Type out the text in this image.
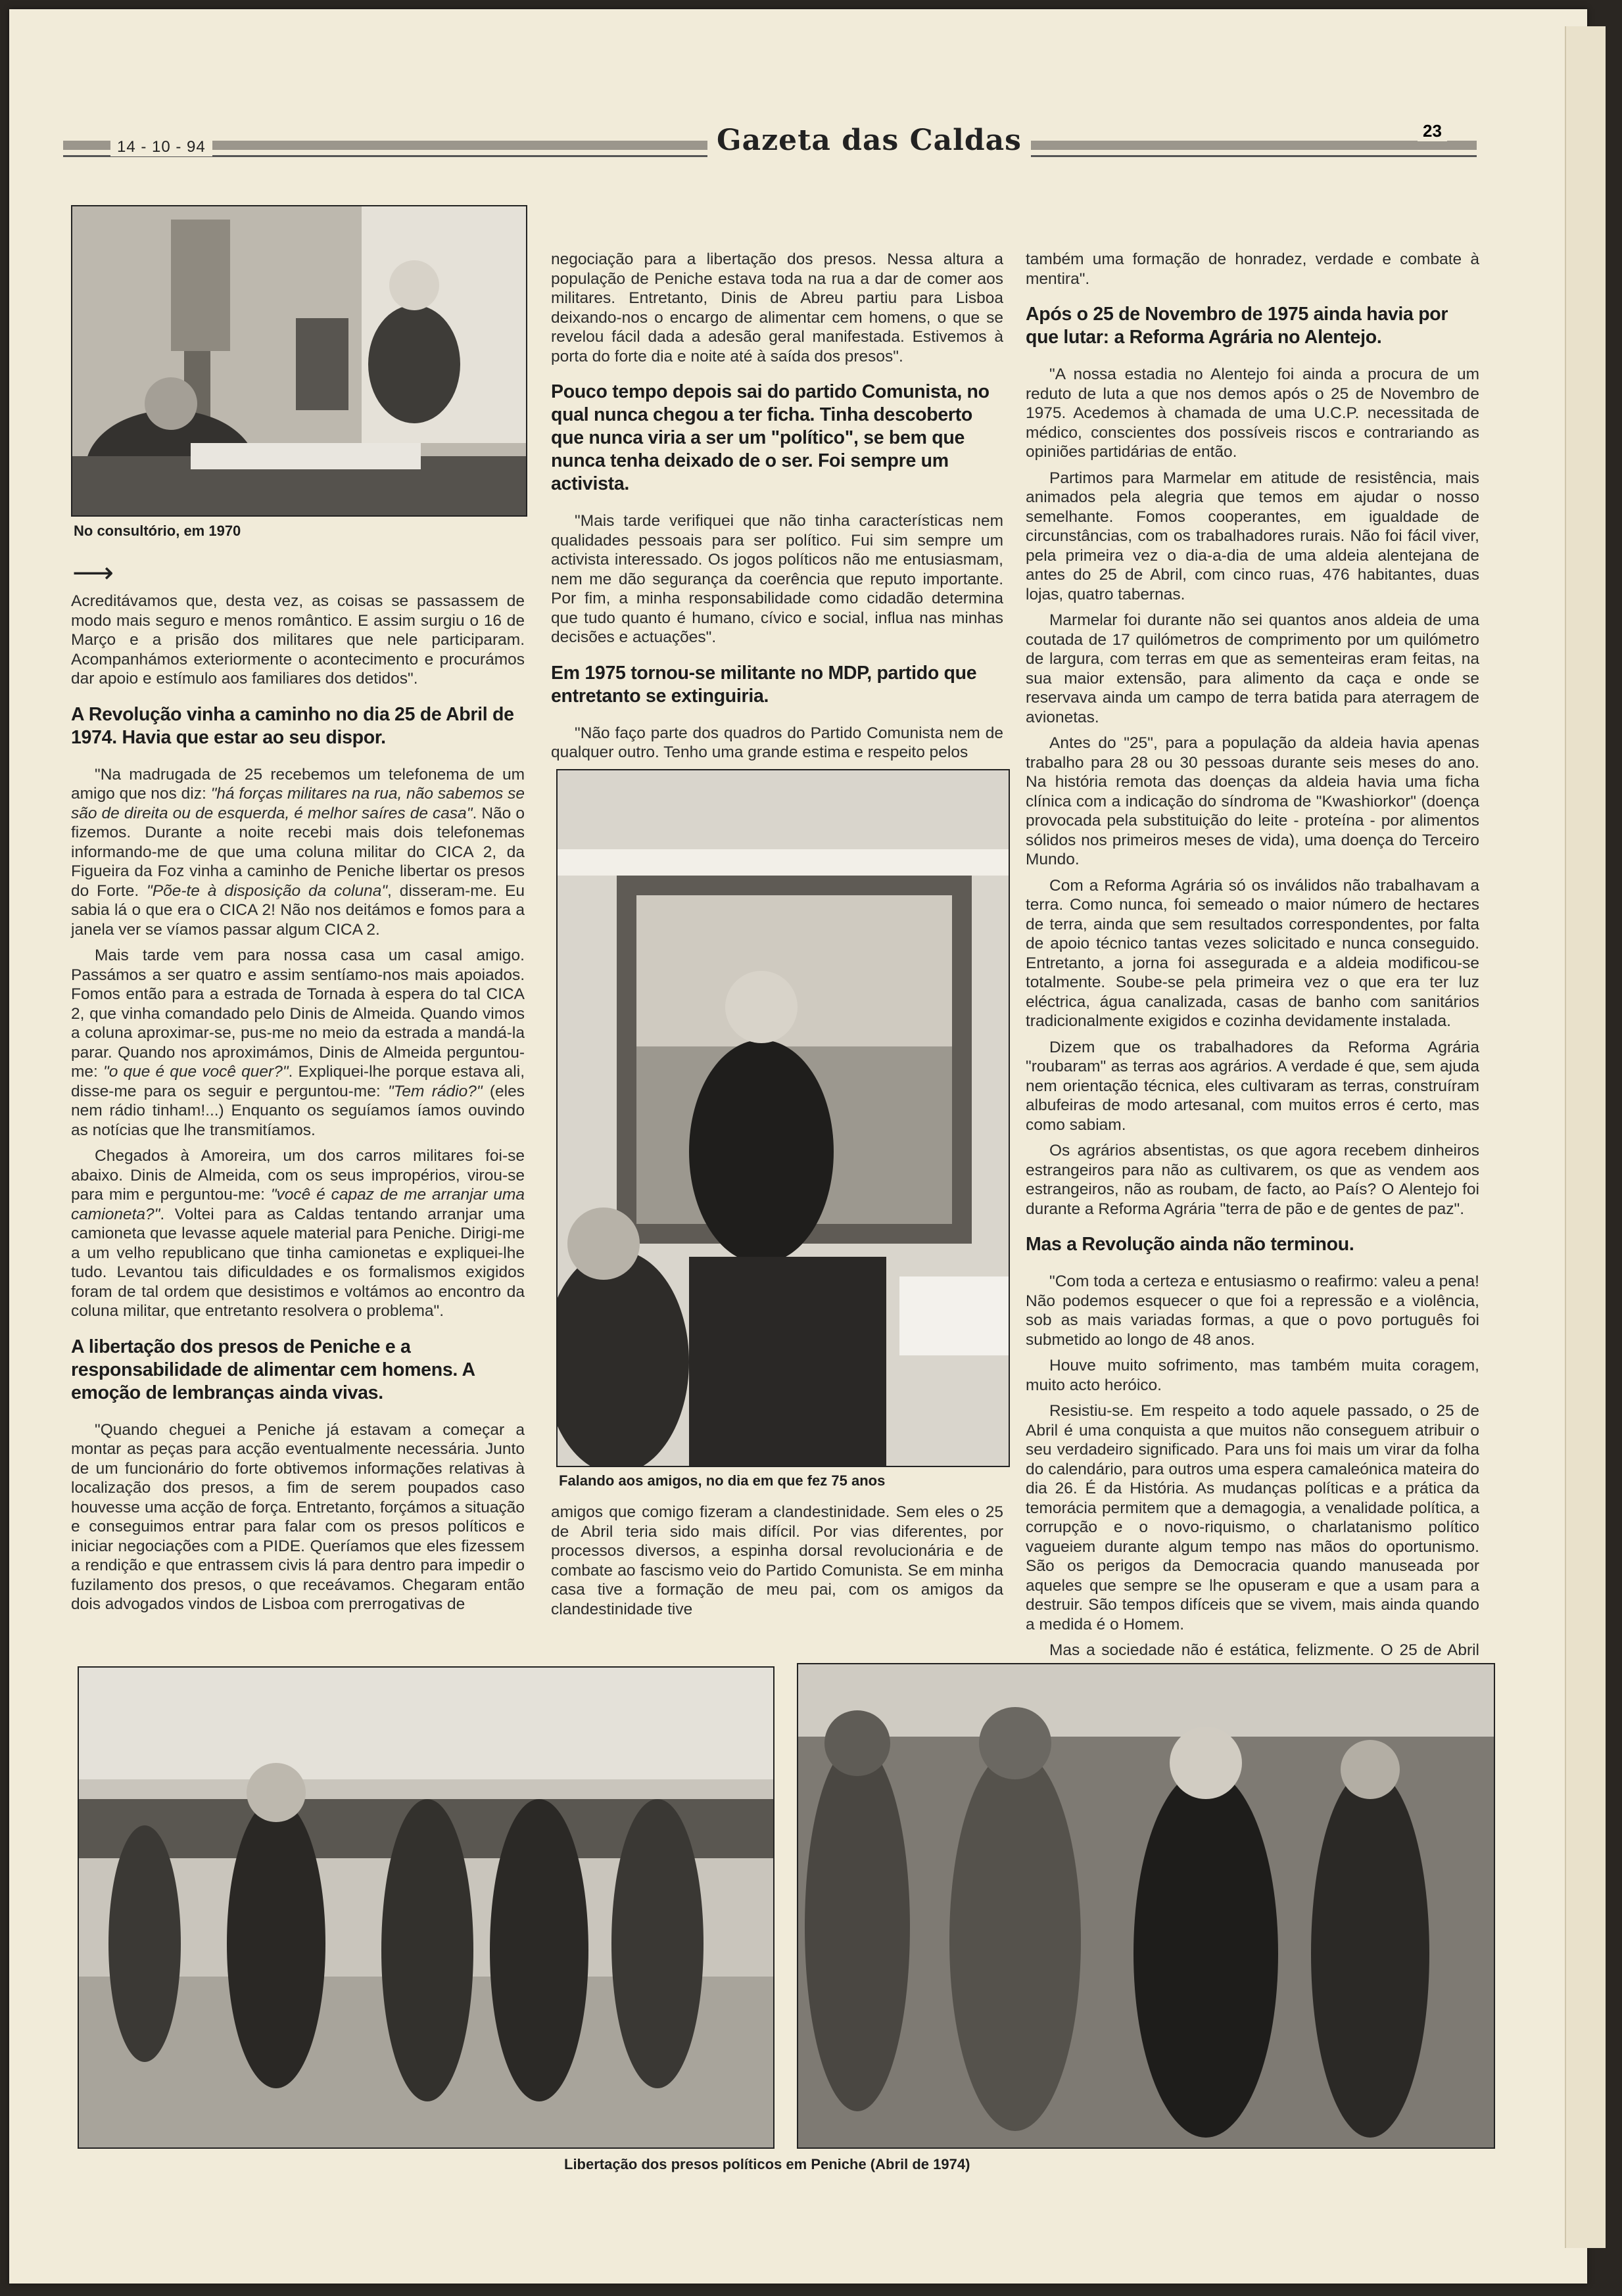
14 - 10 - 94	Gazeta das Caldas	23
No consultório, em 1970
⟶

Acreditávamos que, desta vez, as coisas se passassem de modo mais seguro e menos romântico. E assim surgiu o 16 de Março e a prisão dos militares que nele participaram. Acompanhámos exteriormente o acontecimento e procurámos dar apoio e estímulo aos familiares dos detidos".

A Revolução vinha a caminho no dia 25 de Abril de 1974. Havia que estar ao seu dispor.

"Na madrugada de 25 recebemos um telefonema de um amigo que nos diz: "há forças militares na rua, não sabemos se são de direita ou de esquerda, é melhor saíres de casa". Não o fizemos. Durante a noite recebi mais dois telefonemas informando-me de que uma coluna militar do CICA 2, da Figueira da Foz vinha a caminho de Peniche libertar os presos do Forte. "Põe-te à disposição da coluna", disseram-me. Eu sabia lá o que era o CICA 2! Não nos deitámos e fomos para a janela ver se víamos passar algum CICA 2.

Mais tarde vem para nossa casa um casal amigo. Passámos a ser quatro e assim sentíamo-nos mais apoiados. Fomos então para a estrada de Tornada à espera do tal CICA 2, que vinha comandado pelo Dinis de Almeida. Quando vimos a coluna aproximar-se, pus-me no meio da estrada a mandá-la parar. Quando nos aproximámos, Dinis de Almeida perguntou-me: "o que é que você quer?". Expliquei-lhe porque estava ali, disse-me para os seguir e perguntou-me: "Tem rádio?" (eles nem rádio tinham!...) Enquanto os seguíamos íamos ouvindo as notícias que lhe transmitíamos.

Chegados à Amoreira, um dos carros militares foi-se abaixo. Dinis de Almeida, com os seus impropérios, virou-se para mim e perguntou-me: "você é capaz de me arranjar uma camioneta?". Voltei para as Caldas tentando arranjar uma camioneta que levasse aquele material para Peniche. Dirigi-me a um velho republicano que tinha camionetas e expliquei-lhe tudo. Levantou tais dificuldades e os formalismos exigidos foram de tal ordem que desistimos e voltámos ao encontro da coluna militar, que entretanto resolvera o problema".

A libertação dos presos de Peniche e a responsabilidade de alimentar cem homens. A emoção de lembranças ainda vivas.

"Quando cheguei a Peniche já estavam a começar a montar as peças para acção eventualmente necessária. Junto de um funcionário do forte obtivemos informações relativas à localização dos presos, a fim de serem poupados caso houvesse uma acção de força. Entretanto, forçámos a situação e conseguimos entrar para falar com os presos políticos e iniciar negociações com a PIDE. Queríamos que eles fizessem a rendição e que entrassem civis lá para dentro para impedir o fuzilamento dos presos, o que receávamos. Chegaram então dois advogados vindos de Lisboa com prerrogativas de

negociação para a libertação dos presos. Nessa altura a população de Peniche estava toda na rua a dar de comer aos militares. Entretanto, Dinis de Abreu partiu para Lisboa deixando-nos o encargo de alimentar cem homens, o que se revelou fácil dada a adesão geral manifestada. Estivemos à porta do forte dia e noite até à saída dos presos".

Pouco tempo depois sai do partido Comunista, no qual nunca chegou a ter ficha. Tinha descoberto que nunca viria a ser um "político", se bem que nunca tenha deixado de o ser. Foi sempre um activista.

"Mais tarde verifiquei que não tinha características nem qualidades pessoais para ser político. Fui sim sempre um activista interessado. Os jogos políticos não me entusiasmam, nem me dão segurança da coerência que reputo importante. Por fim, a minha responsabilidade como cidadão determina que tudo quanto é humano, cívico e social, influa nas minhas decisões e actuações".

Em 1975 tornou-se militante no MDP, partido que entretanto se extinguiria.

"Não faço parte dos quadros do Partido Comunista nem de qualquer outro. Tenho uma grande estima e respeito pelos

Falando aos amigos, no dia em que fez 75 anos

amigos que comigo fizeram a clandestinidade. Sem eles o 25 de Abril teria sido mais difícil. Por vias diferentes, por processos diversos, a espinha dorsal revolucionária e de combate ao fascismo veio do Partido Comunista. Se em minha casa tive a formação de meu pai, com os amigos da clandestinidade tive

também uma formação de honradez, verdade e combate à mentira".

Após o 25 de Novembro de 1975 ainda havia por que lutar: a Reforma Agrária no Alentejo.

"A nossa estadia no Alentejo foi ainda a procura de um reduto de luta a que nos demos após o 25 de Novembro de 1975. Acedemos à chamada de uma U.C.P. necessitada de médico, conscientes dos possíveis riscos e contrariando as opiniões partidárias de então.

Partimos para Marmelar em atitude de resistência, mais animados pela alegria que temos em ajudar o nosso semelhante. Fomos cooperantes, em igualdade de circunstâncias, com os trabalhadores rurais. Não foi fácil viver, pela primeira vez o dia-a-dia de uma aldeia alentejana de antes do 25 de Abril, com cinco ruas, 476 habitantes, duas lojas, quatro tabernas.

Marmelar foi durante não sei quantos anos aldeia de uma coutada de 17 quilómetros de comprimento por um quilómetro de largura, com terras em que as sementeiras eram feitas, na sua maior extensão, para alimento da caça e onde se reservava ainda um campo de terra batida para aterragem de avionetas.

Antes do "25", para a população da aldeia havia apenas trabalho para 28 ou 30 pessoas durante seis meses do ano. Na história remota das doenças da aldeia havia uma ficha clínica com a indicação do síndroma de "Kwashiorkor" (doença provocada pela substituição do leite - proteína - por alimentos sólidos nos primeiros meses de vida), uma doença do Terceiro Mundo.

Com a Reforma Agrária só os inválidos não trabalhavam a terra. Como nunca, foi semeado o maior número de hectares de terra, ainda que sem resultados correspondentes, por falta de apoio técnico tantas vezes solicitado e nunca conseguido. Entretanto, a jorna foi assegurada e a aldeia modificou-se totalmente. Soube-se pela primeira vez o que era ter luz eléctrica, água canalizada, casas de banho com sanitários tradicionalmente exigidos e cozinha devidamente instalada.

Dizem que os trabalhadores da Reforma Agrária "roubaram" as terras aos agrários. A verdade é que, sem ajuda nem orientação técnica, eles cultivaram as terras, construíram albufeiras de modo artesanal, com muitos erros é certo, mas como sabiam.

Os agrários absentistas, os que agora recebem dinheiros estrangeiros para não as cultivarem, os que as vendem aos estrangeiros, não as roubam, de facto, ao País? O Alentejo foi durante a Reforma Agrária "terra de pão e de gentes de paz".

Mas a Revolução ainda não terminou.

"Com toda a certeza e entusiasmo o reafirmo: valeu a pena! Não podemos esquecer o que foi a repressão e a violência, sob as mais variadas formas, a que o povo português foi submetido ao longo de 48 anos.

Houve muito sofrimento, mas também muita coragem, muito acto heróico.

Resistiu-se. Em respeito a todo aquele passado, o 25 de Abril é uma conquista a que muitos não conseguem atribuir o seu verdadeiro significado. Para uns foi mais um virar da folha do calendário, para outros uma espera camaleónica mateira do dia 26. É da História. As mudanças políticas e a prática da temorácia permitem que a demagogia, a venalidade política, a corrupção e o novo-riquismo, o charlatanismo político vagueiem durante algum tempo nas mãos do oportunismo. São os perigos da Democracia quando manuseada por aqueles que sempre se lhe opuseram e que a usam para a destruir. São tempos difíceis que se vivem, mais ainda quando a medida é o Homem.

Mas a sociedade não é estática, felizmente. O 25 de Abril

Libertação dos presos políticos em Peniche (Abril de 1974)
